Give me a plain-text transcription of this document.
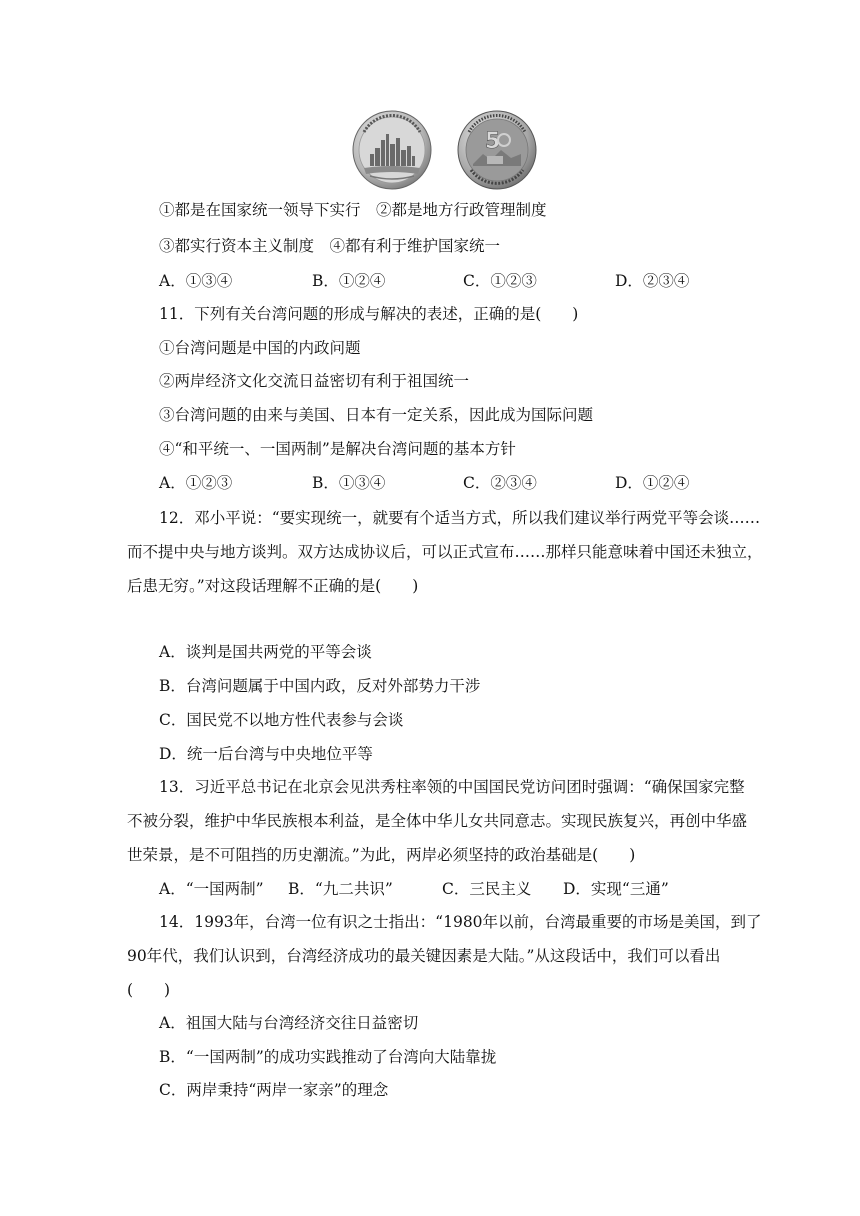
5
①都是在国家统一领导下实行　②都是地方行政管理制度
③都实行资本主义制度　④都有利于维护国家统一
A．①③④	B．①②④	C．①②③	D．②③④
11．下列有关台湾问题的形成与解决的表述，正确的是(　　)
①台湾问题是中国的内政问题
②两岸经济文化交流日益密切有利于祖国统一
③台湾问题的由来与美国、日本有一定关系，因此成为国际问题
④“和平统一、一国两制”是解决台湾问题的基本方针
A．①②③	B．①③④	C．②③④	D．①②④
12．邓小平说：“要实现统一，就要有个适当方式，所以我们建议举行两党平等会谈……
而不提中央与地方谈判。双方达成协议后，可以正式宣布……那样只能意味着中国还未独立，
后患无穷。”对这段话理解不正确的是(　　)
A．谈判是国共两党的平等会谈
B．台湾问题属于中国内政，反对外部势力干涉
C．国民党不以地方性代表参与会谈
D．统一后台湾与中央地位平等
13．习近平总书记在北京会见洪秀柱率领的中国国民党访问团时强调：“确保国家完整
不被分裂，维护中华民族根本利益，是全体中华儿女共同意志。实现民族复兴，再创中华盛
世荣景，是不可阻挡的历史潮流。”为此，两岸必须坚持的政治基础是(　　)
A．“一国两制” B．“九二共识”	C．三民主义 D．实现“三通”
14．1993年，台湾一位有识之士指出：“1980年以前，台湾最重要的市场是美国，到了
90年代，我们认识到，台湾经济成功的最关键因素是大陆。”从这段话中，我们可以看出
(　　)
A．祖国大陆与台湾经济交往日益密切
B．“一国两制”的成功实践推动了台湾向大陆靠拢
C．两岸秉持“两岸一家亲”的理念
